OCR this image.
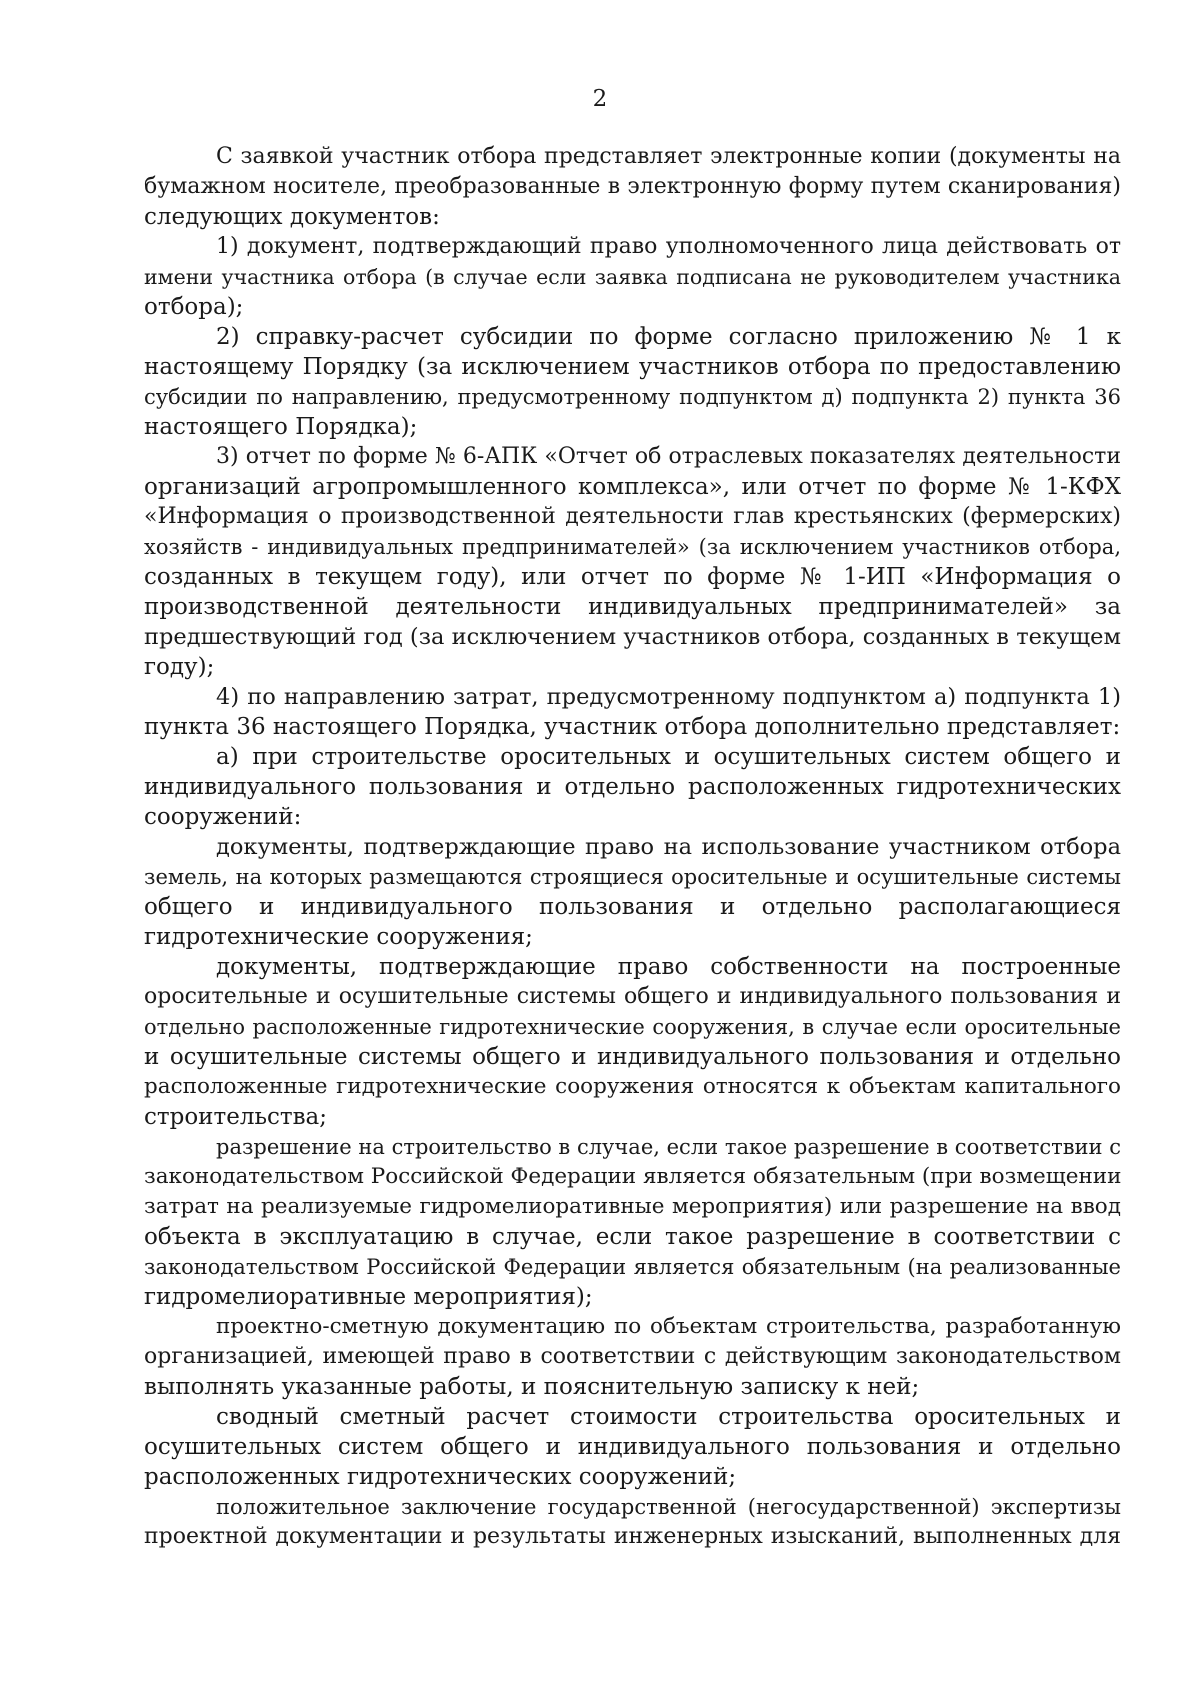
2
С заявкой участник отбора представляет электронные копии (документы на
бумажном носителе, преобразованные в электронную форму путем сканирования)
следующих документов:
1) документ, подтверждающий право уполномоченного лица действовать от
имени участника отбора (в случае если заявка подписана не руководителем участника
отбора);
2) справку-расчет субсидии по форме согласно приложению № 1 к
настоящему Порядку (за исключением участников отбора по предоставлению
субсидии по направлению, предусмотренному подпунктом д) подпункта 2) пункта 36
настоящего Порядка);
3) отчет по форме № 6-АПК «Отчет об отраслевых показателях деятельности
организаций агропромышленного комплекса», или отчет по форме № 1-КФХ
«Информация о производственной деятельности глав крестьянских (фермерских)
хозяйств - индивидуальных предпринимателей» (за исключением участников отбора,
созданных в текущем году), или отчет по форме № 1-ИП «Информация о
производственной деятельности индивидуальных предпринимателей» за
предшествующий год (за исключением участников отбора, созданных в текущем
году);
4) по направлению затрат, предусмотренному подпунктом а) подпункта 1)
пункта 36 настоящего Порядка, участник отбора дополнительно представляет:
а) при строительстве оросительных и осушительных систем общего и
индивидуального пользования и отдельно расположенных гидротехнических
сооружений:
документы, подтверждающие право на использование участником отбора
земель, на которых размещаются строящиеся оросительные и осушительные системы
общего и индивидуального пользования и отдельно располагающиеся
гидротехнические сооружения;
документы, подтверждающие право собственности на построенные
оросительные и осушительные системы общего и индивидуального пользования и
отдельно расположенные гидротехнические сооружения, в случае если оросительные
и осушительные системы общего и индивидуального пользования и отдельно
расположенные гидротехнические сооружения относятся к объектам капитального
строительства;
разрешение на строительство в случае, если такое разрешение в соответствии с
законодательством Российской Федерации является обязательным (при возмещении
затрат на реализуемые гидромелиоративные мероприятия) или разрешение на ввод
объекта в эксплуатацию в случае, если такое разрешение в соответствии с
законодательством Российской Федерации является обязательным (на реализованные
гидромелиоративные мероприятия);
проектно-сметную документацию по объектам строительства, разработанную
организацией, имеющей право в соответствии с действующим законодательством
выполнять указанные работы, и пояснительную записку к ней;
сводный сметный расчет стоимости строительства оросительных и
осушительных систем общего и индивидуального пользования и отдельно
расположенных гидротехнических сооружений;
положительное заключение государственной (негосударственной) экспертизы
проектной документации и результаты инженерных изысканий, выполненных для
